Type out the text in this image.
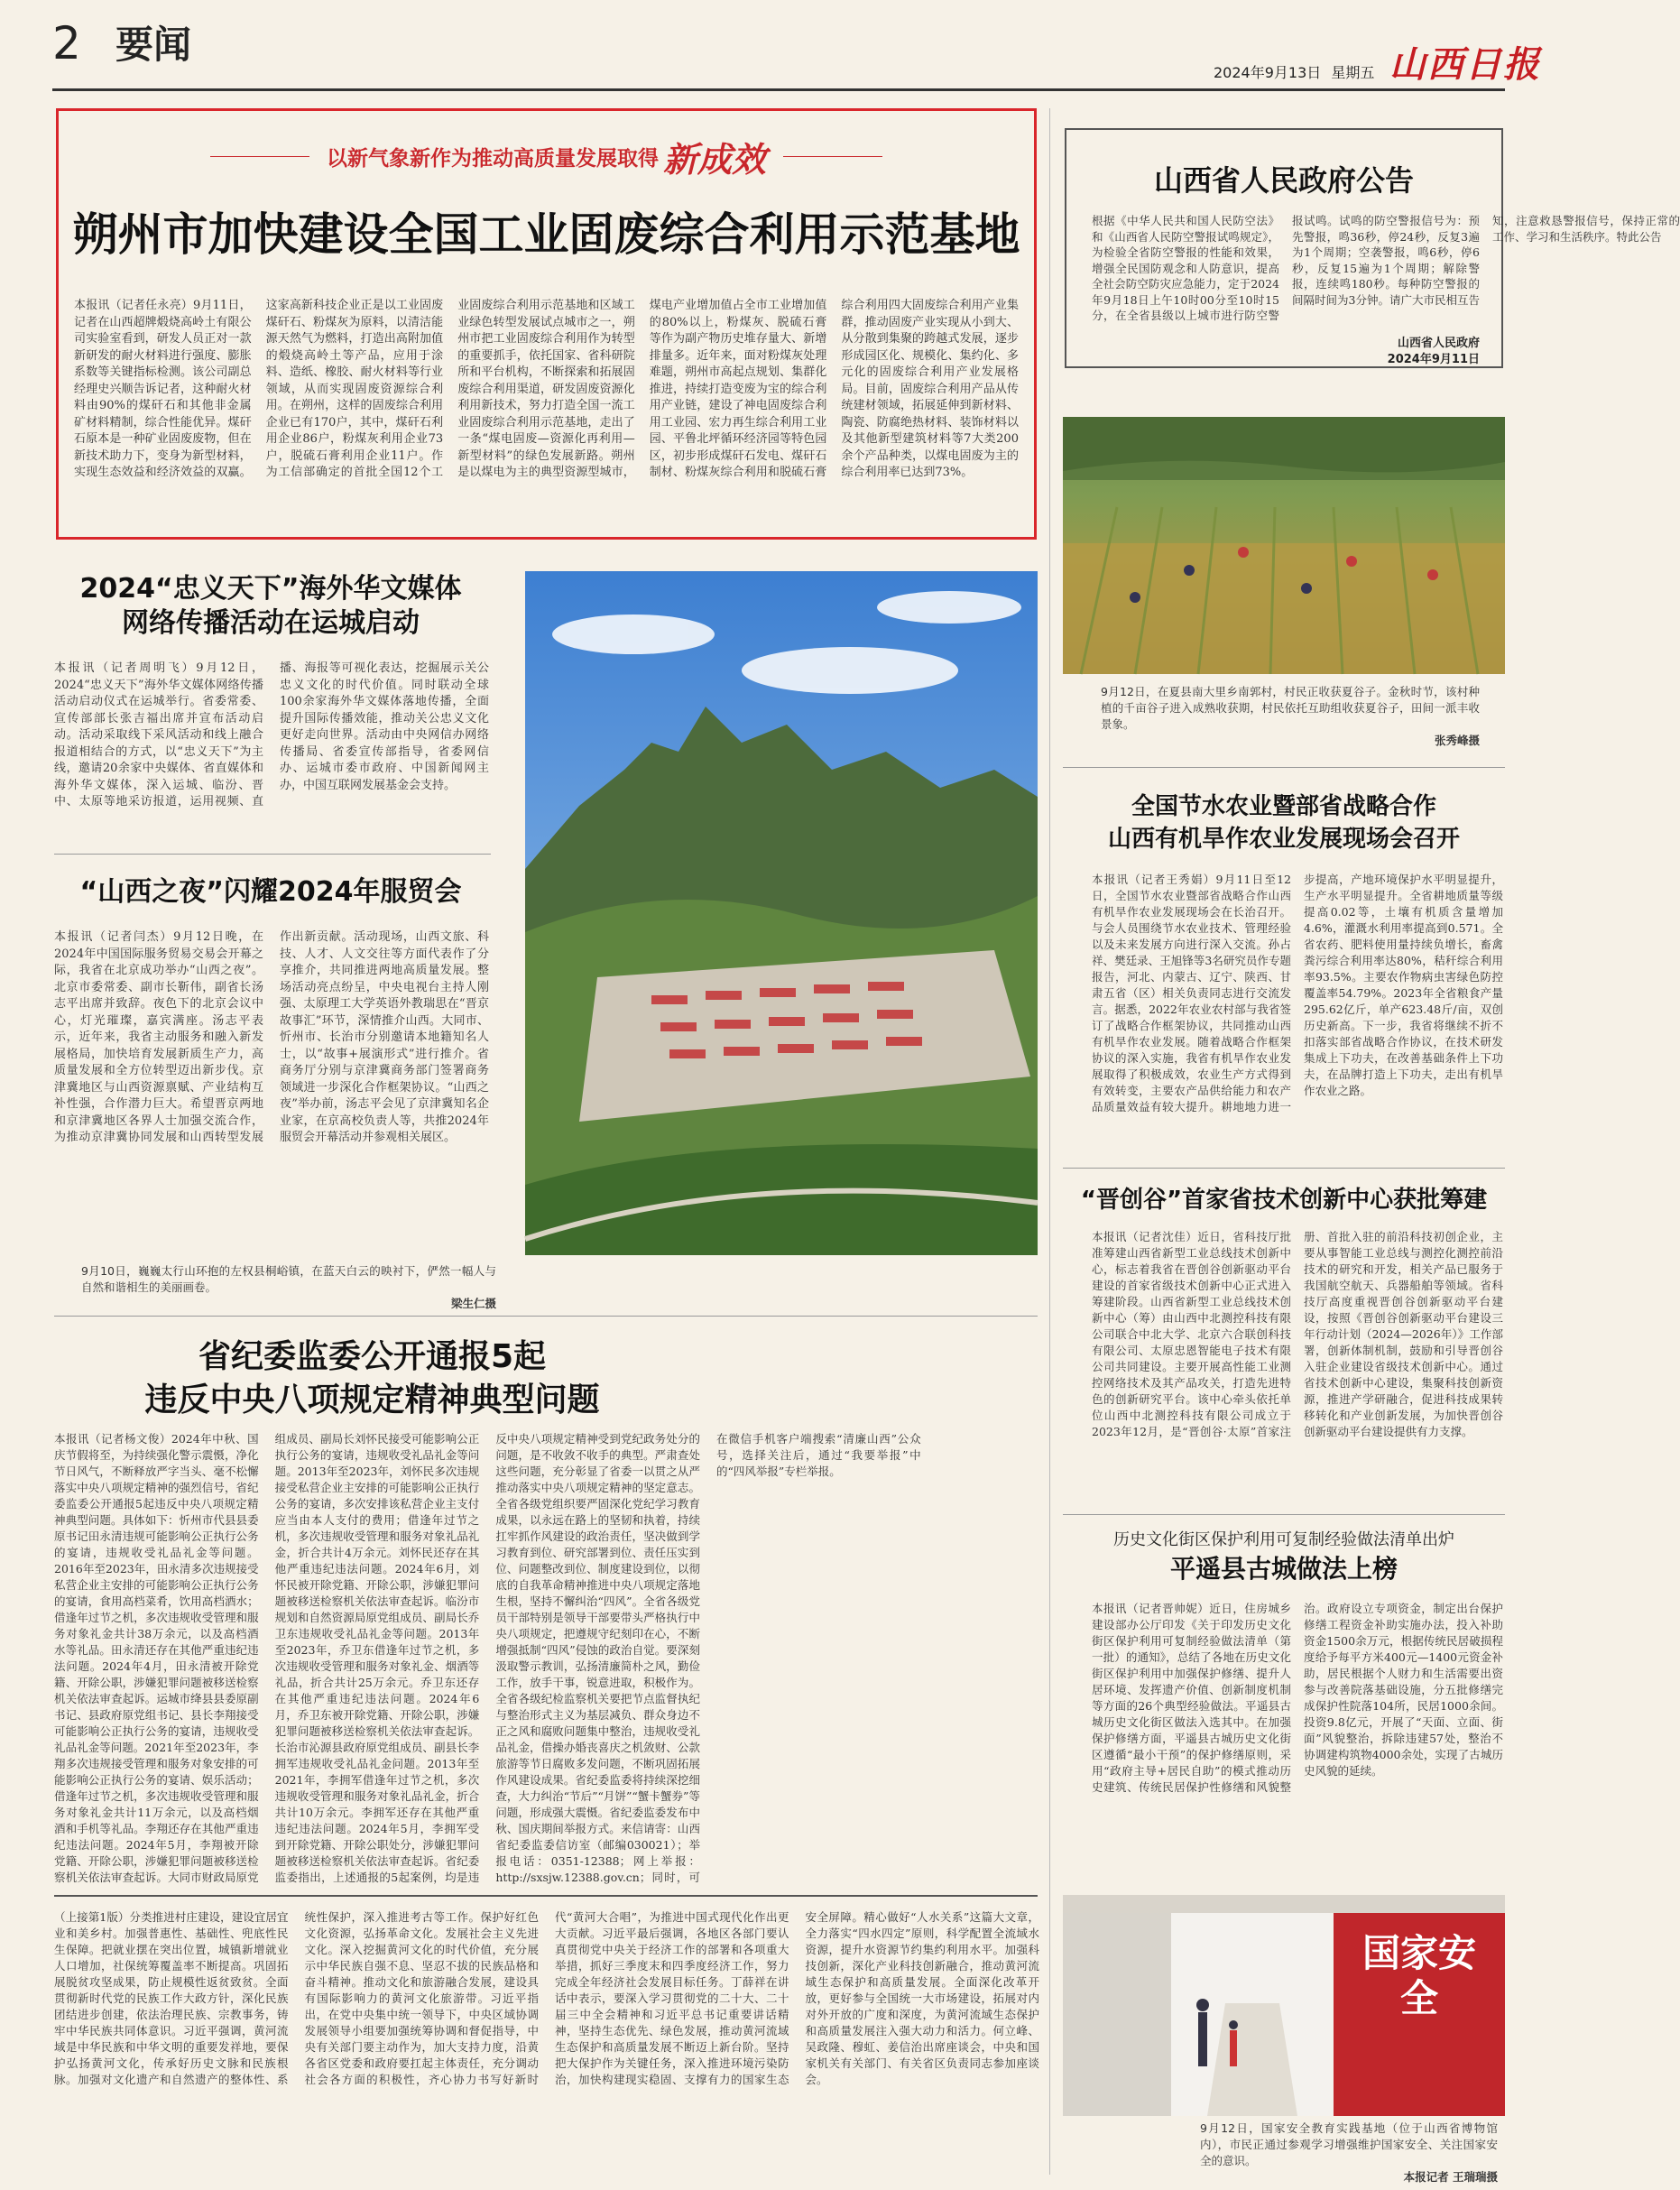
2 要闻
2024年9月13日 星期五 山西日报
以新气象新作为推动高质量发展取得 新成效
朔州市加快建设全国工业固废综合利用示范基地
本报讯（记者任永亮）9月11日，记者在山西超牌煅烧高岭土有限公司实验室看到，研发人员正对一款新研发的耐火材料进行强度、膨胀系数等关键指标检测。该公司副总经理史兴顺告诉记者，这种耐火材料由90%的煤矸石和其他非金属矿材料精制，综合性能优异。煤矸石原本是一种矿业固废废物，但在新技术助力下，变身为新型材料，实现生态效益和经济效益的双赢。这家高新科技企业正是以工业固废煤矸石、粉煤灰为原料，以清洁能源天然气为燃料，打造出高附加值的煅烧高岭土等产品，应用于涂料、造纸、橡胶、耐火材料等行业领域，从而实现固废资源综合利用。在朔州，这样的固废综合利用企业已有170户，其中，煤矸石利用企业86户，粉煤灰利用企业73户，脱硫石膏利用企业11户。作为工信部确定的首批全国12个工业固废综合利用示范基地和区域工业绿色转型发展试点城市之一，朔州市把工业固废综合利用作为转型的重要抓手，依托国家、省科研院所和平台机构，不断探索和拓展固废综合利用渠道，研发固废资源化利用新技术，努力打造全国一流工业固废综合利用示范基地，走出了一条“煤电固废—资源化再利用—新型材料”的绿色发展新路。朔州是以煤电为主的典型资源型城市，煤电产业增加值占全市工业增加值的80%以上，粉煤灰、脱硫石膏等作为副产物历史堆存量大、新增排量多。近年来，面对粉煤灰处理难题，朔州市高起点规划、集群化推进，持续打造变废为宝的综合利用产业链，建设了神电固废综合利用工业园、宏力再生综合利用工业园、平鲁北坪循环经济园等特色园区，初步形成煤矸石发电、煤矸石制材、粉煤灰综合利用和脱硫石膏综合利用四大固废综合利用产业集群，推动固废产业实现从小到大、从分散到集聚的跨越式发展，逐步形成园区化、规模化、集约化、多元化的固废综合利用产业发展格局。目前，固废综合利用产品从传统建材领域，拓展延伸到新材料、陶瓷、防腐绝热材料、装饰材料以及其他新型建筑材料等7大类200余个产品种类，以煤电固废为主的综合利用率已达到73%。
山西省人民政府公告
根据《中华人民共和国人民防空法》和《山西省人民防空警报试鸣规定》，为检验全省防空警报的性能和效果，增强全民国防观念和人防意识，提高全社会防空防灾应急能力，定于2024年9月18日上午10时00分至10时15分，在全省县级以上城市进行防空警报试鸣。试鸣的防空警报信号为：预先警报，鸣36秒，停24秒，反复3遍为1个周期；空袭警报，鸣6秒，停6秒，反复15遍为1个周期；解除警报，连续鸣180秒。每种防空警报的间隔时间为3分钟。请广大市民相互告知，注意救恳警报信号，保持正常的工作、学习和生活秩序。特此公告
山西省人民政府
2024年9月11日
9月12日，在夏县南大里乡南郭村，村民正收获夏谷子。金秋时节，该村种植的千亩谷子进入成熟收获期，村民依托互助组收获夏谷子，田间一派丰收景象。
张秀峰摄
2024“忠义天下”海外华文媒体
网络传播活动在运城启动
本报讯（记者周明飞）9月12日，2024“忠义天下”海外华文媒体网络传播活动启动仪式在运城举行。省委常委、宣传部部长张吉福出席并宣布活动启动。活动采取线下采风活动和线上融合报道相结合的方式，以“忠义天下”为主线，邀请20余家中央媒体、省直媒体和海外华文媒体，深入运城、临汾、晋中、太原等地采访报道，运用视频、直播、海报等可视化表达，挖掘展示关公忠义文化的时代价值。同时联动全球100余家海外华文媒体落地传播，全面提升国际传播效能，推动关公忠义文化更好走向世界。活动由中央网信办网络传播局、省委宣传部指导，省委网信办、运城市委市政府、中国新闻网主办，中国互联网发展基金会支持。
“山西之夜”闪耀2024年服贸会
本报讯（记者闫杰）9月12日晚，在2024年中国国际服务贸易交易会开幕之际，我省在北京成功举办“山西之夜”。北京市委常委、副市长靳伟，副省长汤志平出席并致辞。夜色下的北京会议中心，灯光璀璨，嘉宾满座。汤志平表示，近年来，我省主动服务和融入新发展格局，加快培育发展新质生产力，高质量发展和全方位转型迈出新步伐。京津冀地区与山西资源禀赋、产业结构互补性强，合作潜力巨大。希望晋京两地和京津冀地区各界人士加强交流合作，为推动京津冀协同发展和山西转型发展作出新贡献。活动现场，山西文旅、科技、人才、人文交往等方面代表作了分享推介，共同推进两地高质量发展。整场活动亮点纷呈，中央电视台主持人刚强、太原理工大学英语外教瑞思在“晋京故事汇”环节，深情推介山西。大同市、忻州市、长治市分别邀请本地籍知名人士，以“故事+展演形式”进行推介。省商务厅分别与京津冀商务部门签署商务领域进一步深化合作框架协议。“山西之夜”举办前，汤志平会见了京津冀知名企业家，在京高校负责人等，共推2024年服贸会开幕活动并参观相关展区。
9月10日，巍巍太行山环抱的左权县桐峪镇，在蓝天白云的映衬下，俨然一幅人与自然和谐相生的美丽画卷。
梁生仁摄
全国节水农业暨部省战略合作
山西有机旱作农业发展现场会召开
本报讯（记者王秀娟）9月11日至12日，全国节水农业暨部省战略合作山西有机旱作农业发展现场会在长治召开。与会人员围绕节水农业技术、管理经验以及未来发展方向进行深入交流。孙占祥、樊廷录、王旭锋等3名研究员作专题报告，河北、内蒙古、辽宁、陕西、甘肃五省（区）相关负责同志进行交流发言。据悉，2022年农业农村部与我省签订了战略合作框架协议，共同推动山西有机旱作农业发展。随着战略合作框架协议的深入实施，我省有机旱作农业发展取得了积极成效，农业生产方式得到有效转变，主要农产品供给能力和农产品质量效益有较大提升。耕地地力进一步提高，产地环境保护水平明显提升，生产水平明显提升。全省耕地质量等级提高0.02等，土壤有机质含量增加4.6%，灌溉水利用率提高到0.571。全省农药、肥料使用量持续负增长，畜禽粪污综合利用率达80%，秸秆综合利用率93.5%。主要农作物病虫害绿色防控覆盖率54.79%。2023年全省粮食产量295.62亿斤，单产623.48斤/亩，双创历史新高。下一步，我省将继续不折不扣落实部省战略合作协议，在技术研发集成上下功夫，在改善基础条件上下功夫，在品牌打造上下功夫，走出有机旱作农业之路。
“晋创谷”首家省技术创新中心获批筹建
本报讯（记者沈佳）近日，省科技厅批准筹建山西省新型工业总线技术创新中心，标志着我省在晋创谷创新驱动平台建设的首家省级技术创新中心正式进入筹建阶段。山西省新型工业总线技术创新中心（筹）由山西中北测控科技有限公司联合中北大学、北京六合联创科技有限公司、太原忠恩智能电子技术有限公司共同建设。主要开展高性能工业测控网络技术及其产品攻关，打造先进特色的创新研究平台。该中心牵头依托单位山西中北测控科技有限公司成立于2023年12月，是“晋创谷·太原”首家注册、首批入驻的前沿科技初创企业，主要从事智能工业总线与测控化测控前沿技术的研究和开发，相关产品已服务于我国航空航天、兵器船舶等领域。省科技厅高度重视晋创谷创新驱动平台建设，按照《晋创谷创新驱动平台建设三年行动计划（2024—2026年）》工作部署，创新体制机制，鼓励和引导晋创谷入驻企业建设省级技术创新中心。通过省技术创新中心建设，集聚科技创新资源，推进产学研融合，促进科技成果转移转化和产业创新发展，为加快晋创谷创新驱动平台建设提供有力支撑。
省纪委监委公开通报5起
违反中央八项规定精神典型问题
本报讯（记者杨文俊）2024年中秋、国庆节假将至，为持续强化警示震慑，净化节日风气，不断释放严字当头、毫不松懈落实中央八项规定精神的强烈信号，省纪委监委公开通报5起违反中央八项规定精神典型问题。具体如下：忻州市代县县委原书记田永清违规可能影响公正执行公务的宴请，违规收受礼品礼金等问题。2016年至2023年，田永清多次违规接受私营企业主安排的可能影响公正执行公务的宴请，食用高档菜肴，饮用高档酒水；借逢年过节之机，多次违规收受管理和服务对象礼金共计38万余元，以及高档酒水等礼品。田永清还存在其他严重违纪违法问题。2024年4月，田永清被开除党籍、开除公职，涉嫌犯罪问题被移送检察机关依法审查起诉。运城市绛县县委原副书记、县政府原党组书记、县长李翔接受可能影响公正执行公务的宴请，违规收受礼品礼金等问题。2021年至2023年，李翔多次违规接受管理和服务对象安排的可能影响公正执行公务的宴请、娱乐活动；借逢年过节之机，多次违规收受管理和服务对象礼金共计11万余元，以及高档烟酒和手机等礼品。李翔还存在其他严重违纪违法问题。2024年5月，李翔被开除党籍、开除公职，涉嫌犯罪问题被移送检察机关依法审查起诉。大同市财政局原党组成员、副局长刘怀民接受可能影响公正执行公务的宴请，违规收受礼品礼金等问题。2013年至2023年，刘怀民多次违规接受私营企业主安排的可能影响公正执行公务的宴请，多次安排该私营企业主支付应当由本人支付的费用；借逢年过节之机，多次违规收受管理和服务对象礼品礼金，折合共计4万余元。刘怀民还存在其他严重违纪违法问题。2024年6月，刘怀民被开除党籍、开除公职，涉嫌犯罪问题被移送检察机关依法审查起诉。临汾市规划和自然资源局原党组成员、副局长乔卫东违规收受礼品礼金等问题。2013年至2023年，乔卫东借逢年过节之机，多次违规收受管理和服务对象礼金、烟酒等礼品，折合共计25万余元。乔卫东还存在其他严重违纪违法问题。2024年6月，乔卫东被开除党籍、开除公职，涉嫌犯罪问题被移送检察机关依法审查起诉。长治市沁源县政府原党组成员、副县长李拥军违规收受礼品礼金问题。2013年至2021年，李拥军借逢年过节之机，多次违规收受管理和服务对象礼品礼金，折合共计10万余元。李拥军还存在其他严重违纪违法问题。2024年5月，李拥军受到开除党籍、开除公职处分，涉嫌犯罪问题被移送检察机关依法审查起诉。省纪委监委指出，上述通报的5起案例，均是违反中央八项规定精神受到党纪政务处分的问题，是不收敛不收手的典型。严肃查处这些问题，充分彰显了省委一以贯之从严推动落实中央八项规定精神的坚定意志。全省各级党组织要严固深化党纪学习教育成果，以永远在路上的坚韧和执着，持续扛牢抓作风建设的政治责任，坚决做到学习教育到位、研究部署到位、责任压实到位、问题整改到位、制度建设到位，以彻底的自我革命精神推进中央八项规定落地生根，坚持不懈纠治“四风”。全省各级党员干部特别是领导干部要带头严格执行中央八项规定，把遵规守纪刻印在心，不断增强抵制“四风”侵蚀的政治自觉。要深刻汲取警示教训，弘扬清廉简朴之风，勤俭工作，放手干事，锐意进取，积极作为。全省各级纪检监察机关要把节点监督执纪与整治形式主义为基层减负、群众身边不正之风和腐败问题集中整治，违规收受礼品礼金，借操办婚丧喜庆之机敛财、公款旅游等节日腐败多发问题，不断巩固拓展作风建设成果。省纪委监委将持续深挖细查，大力纠治“节后”“月饼”“蟹卡蟹券”等问题，形成强大震慑。省纪委监委发布中秋、国庆期间举报方式。来信请寄：山西省纪委监委信访室（邮编030021）；举报电话：0351-12388；网上举报：http://sxsjw.12388.gov.cn；同时，可在微信手机客户端搜索“清廉山西”公众号，选择关注后，通过“我要举报”中的“四风举报”专栏举报。
历史文化街区保护利用可复制经验做法清单出炉
平遥县古城做法上榜
本报讯（记者晋帅妮）近日，住房城乡建设部办公厅印发《关于印发历史文化街区保护利用可复制经验做法清单（第一批）的通知》，总结了各地在历史文化街区保护利用中加强保护修缮、提升人居环境、发挥遗产价值、创新制度机制等方面的26个典型经验做法。平遥县古城历史文化街区做法入选其中。在加强保护修缮方面，平遥县古城历史文化街区遵循“最小干预”的保护修缮原则，采用“政府主导+居民自助”的模式推动历史建筑、传统民居保护性修缮和风貌整治。政府设立专项资金，制定出台保护修缮工程资金补助实施办法，投入补助资金1500余万元，根据传统民居破损程度给予每平方米400元—1400元资金补助，居民根据个人财力和生活需要出资参与改善院落基础设施，分五批修缮完成保护性院落104所，民居1000余间。投资9.8亿元，开展了“天面、立面、街面”风貌整治，拆除违建57处，整治不协调建构筑物4000余处，实现了古城历史风貌的延续。
（上接第1版）分类推进村庄建设，建设宜居宜业和美乡村。加强普惠性、基础性、兜底性民生保障。把就业摆在突出位置，城镇新增就业人口增加，社保统筹覆盖率不断提高。巩固拓展脱贫攻坚成果，防止规模性返贫致贫。全面贯彻新时代党的民族工作大政方针，深化民族团结进步创建，依法治理民族、宗教事务，铸牢中华民族共同体意识。习近平强调，黄河流域是中华民族和中华文明的重要发祥地，要保护弘扬黄河文化，传承好历史文脉和民族根脉。加强对文化遗产和自然遗产的整体性、系统性保护，深入推进考古等工作。保护好红色文化资源，弘扬革命文化。发展社会主义先进文化。深入挖掘黄河文化的时代价值，充分展示中华民族自强不息、坚忍不拔的民族品格和奋斗精神。推动文化和旅游融合发展，建设具有国际影响力的黄河文化旅游带。习近平指出，在党中央集中统一领导下，中央区域协调发展领导小组要加强统筹协调和督促指导，中央有关部门要主动作为，加大支持力度，沿黄各省区党委和政府要扛起主体责任，充分调动社会各方面的积极性，齐心协力书写好新时代“黄河大合唱”，为推进中国式现代化作出更大贡献。习近平最后强调，各地区各部门要认真贯彻党中央关于经济工作的部署和各项重大举措，抓好三季度末和四季度经济工作，努力完成全年经济社会发展目标任务。丁薛祥在讲话中表示，要深入学习贯彻党的二十大、二十届三中全会精神和习近平总书记重要讲话精神，坚持生态优先、绿色发展，推动黄河流域生态保护和高质量发展不断迈上新台阶。坚持把大保护作为关键任务，深入推进环境污染防治，加快构建现实稳固、支撑有力的国家生态安全屏障。精心做好“人水关系”这篇大文章，全力落实“四水四定”原则，科学配置全流域水资源，提升水资源节约集约利用水平。加强科技创新，深化产业科技创新融合，推动黄河流域生态保护和高质量发展。全面深化改革开放，更好参与全国统一大市场建设，拓展对内对外开放的广度和深度，为黄河流域生态保护和高质量发展注入强大动力和活力。何立峰、吴政隆、穆虹、姜信治出席座谈会，中央和国家机关有关部门、有关省区负责同志参加座谈会。
国家安全
9月12日，国家安全教育实践基地（位于山西省博物馆内），市民正通过参观学习增强维护国家安全、关注国家安全的意识。
本报记者 王瑞瑞摄
